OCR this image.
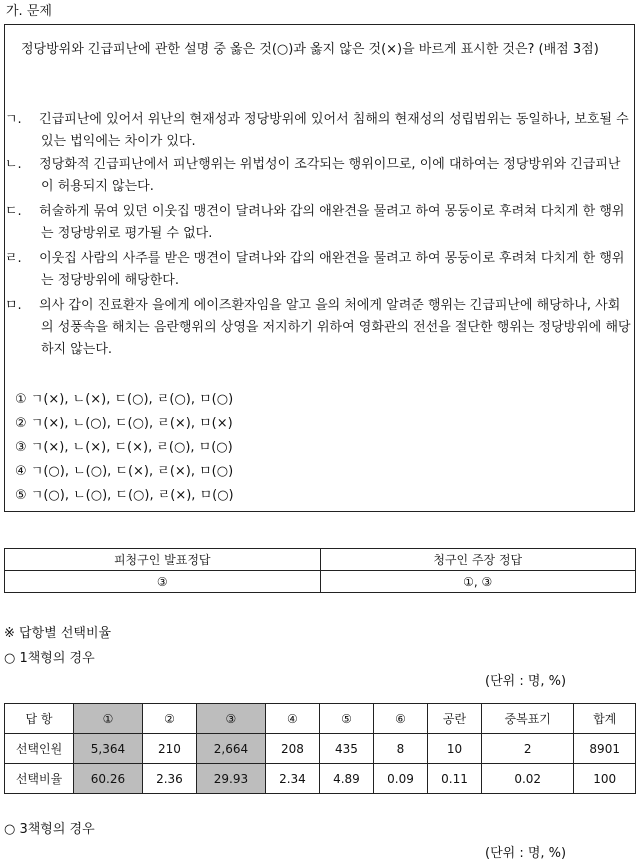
가. 문제
정당방위와 긴급피난에 관한 설명 중 옳은 것(○)과 옳지 않은 것(×)을 바르게 표시한 것은? (배점 3점)
ㄱ. 긴급피난에 있어서 위난의 현재성과 정당방위에 있어서 침해의 현재성의 성립범위는 동일하나, 보호될 수 있는 법익에는 차이가 있다.
ㄴ. 정당화적 긴급피난에서 피난행위는 위법성이 조각되는 행위이므로, 이에 대하여는 정당방위와 긴급피난이 허용되지 않는다.
ㄷ. 허술하게 묶여 있던 이웃집 맹견이 달려나와 갑의 애완견을 물려고 하여 몽둥이로 후려쳐 다치게 한 행위는 정당방위로 평가될 수 없다.
ㄹ. 이웃집 사람의 사주를 받은 맹견이 달려나와 갑의 애완견을 물려고 하여 몽둥이로 후려쳐 다치게 한 행위는 정당방위에 해당한다.
ㅁ. 의사 갑이 진료환자 을에게 에이즈환자임을 알고 을의 처에게 알려준 행위는 긴급피난에 해당하나, 사회의 성풍속을 해치는 음란행위의 상영을 저지하기 위하여 영화관의 전선을 절단한 행위는 정당방위에 해당하지 않는다.
① ㄱ(×), ㄴ(×), ㄷ(○), ㄹ(○), ㅁ(○)
② ㄱ(×), ㄴ(○), ㄷ(○), ㄹ(×), ㅁ(×)
③ ㄱ(×), ㄴ(×), ㄷ(×), ㄹ(○), ㅁ(○)
④ ㄱ(○), ㄴ(○), ㄷ(×), ㄹ(×), ㅁ(○)
⑤ ㄱ(○), ㄴ(○), ㄷ(○), ㄹ(×), ㅁ(○)
피청구인 발표정답	청구인 주장 정답
③	①, ③
※ 답항별 선택비율
○ 1책형의 경우
(단위 : 명, %)
답 항	①	②	③	④	⑤	⑥	공란	중복표기	합계
선택인원	5,364	210	2,664	208	435	8	10	2	8901
선택비율	60.26	2.36	29.93	2.34	4.89	0.09	0.11	0.02	100
○ 3책형의 경우
(단위 : 명, %)
